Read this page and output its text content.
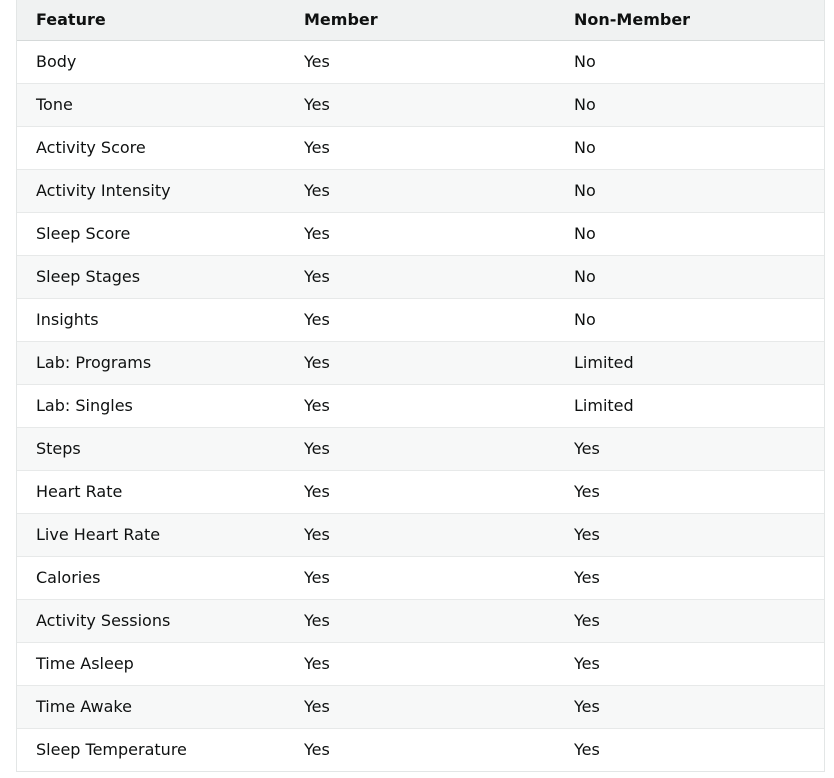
Feature	Member	Non-Member
Body	Yes	No
Tone	Yes	No
Activity Score	Yes	No
Activity Intensity	Yes	No
Sleep Score	Yes	No
Sleep Stages	Yes	No
Insights	Yes	No
Lab: Programs	Yes	Limited
Lab: Singles	Yes	Limited
Steps	Yes	Yes
Heart Rate	Yes	Yes
Live Heart Rate	Yes	Yes
Calories	Yes	Yes
Activity Sessions	Yes	Yes
Time Asleep	Yes	Yes
Time Awake	Yes	Yes
Sleep Temperature	Yes	Yes
